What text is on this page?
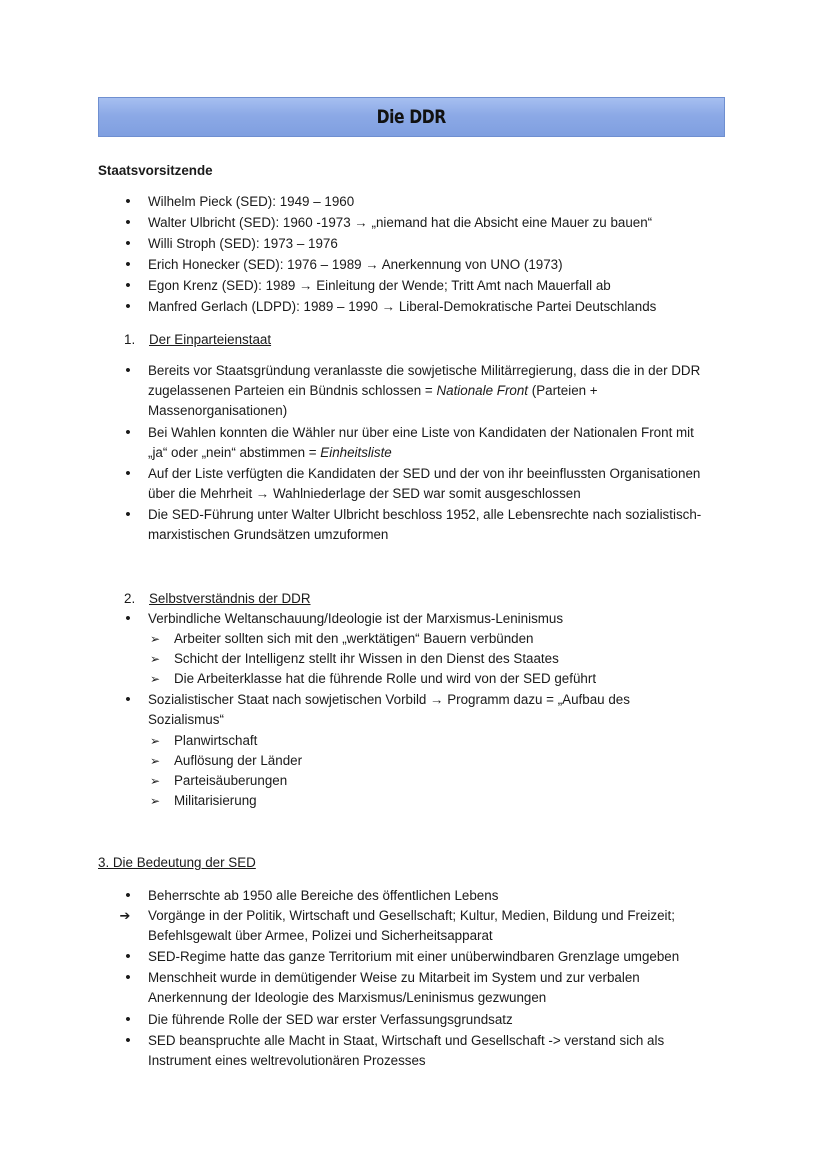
Die DDR
Staatsvorsitzende
•
Wilhelm Pieck (SED): 1949 – 1960
•
Walter Ulbricht (SED): 1960 -1973 → „niemand hat die Absicht eine Mauer zu bauen“
•
Willi Stroph (SED): 1973 – 1976
•
Erich Honecker (SED): 1976 – 1989 → Anerkennung von UNO (1973)
•
Egon Krenz (SED): 1989 → Einleitung der Wende; Tritt Amt nach Mauerfall ab
•
Manfred Gerlach (LDPD): 1989 – 1990 → Liberal-Demokratische Partei Deutschlands
1. Der Einparteienstaat
•
Bereits vor Staatsgründung veranlasste die sowjetische Militärregierung, dass die in der DDR
zugelassenen Parteien ein Bündnis schlossen = Nationale Front (Parteien +
Massenorganisationen)
•
Bei Wahlen konnten die Wähler nur über eine Liste von Kandidaten der Nationalen Front mit
„ja“ oder „nein“ abstimmen = Einheitsliste
•
Auf der Liste verfügten die Kandidaten der SED und der von ihr beeinflussten Organisationen
über die Mehrheit → Wahlniederlage der SED war somit ausgeschlossen
•
Die SED-Führung unter Walter Ulbricht beschloss 1952, alle Lebensrechte nach sozialistisch-
marxistischen Grundsätzen umzuformen
2. Selbstverständnis der DDR
•
Verbindliche Weltanschauung/Ideologie ist der Marxismus-Leninismus
➢
Arbeiter sollten sich mit den „werktätigen“ Bauern verbünden
➢
Schicht der Intelligenz stellt ihr Wissen in den Dienst des Staates
➢
Die Arbeiterklasse hat die führende Rolle und wird von der SED geführt
•
Sozialistischer Staat nach sowjetischen Vorbild → Programm dazu = „Aufbau des
Sozialismus“
➢
Planwirtschaft
➢
Auflösung der Länder
➢
Parteisäuberungen
➢
Militarisierung
3. Die Bedeutung der SED
•
Beherrschte ab 1950 alle Bereiche des öffentlichen Lebens
➔
Vorgänge in der Politik, Wirtschaft und Gesellschaft; Kultur, Medien, Bildung und Freizeit;
Befehlsgewalt über Armee, Polizei und Sicherheitsapparat
•
SED-Regime hatte das ganze Territorium mit einer unüberwindbaren Grenzlage umgeben
•
Menschheit wurde in demütigender Weise zu Mitarbeit im System und zur verbalen
Anerkennung der Ideologie des Marxismus/Leninismus gezwungen
•
Die führende Rolle der SED war erster Verfassungsgrundsatz
•
SED beanspruchte alle Macht in Staat, Wirtschaft und Gesellschaft -> verstand sich als
Instrument eines weltrevolutionären Prozesses
